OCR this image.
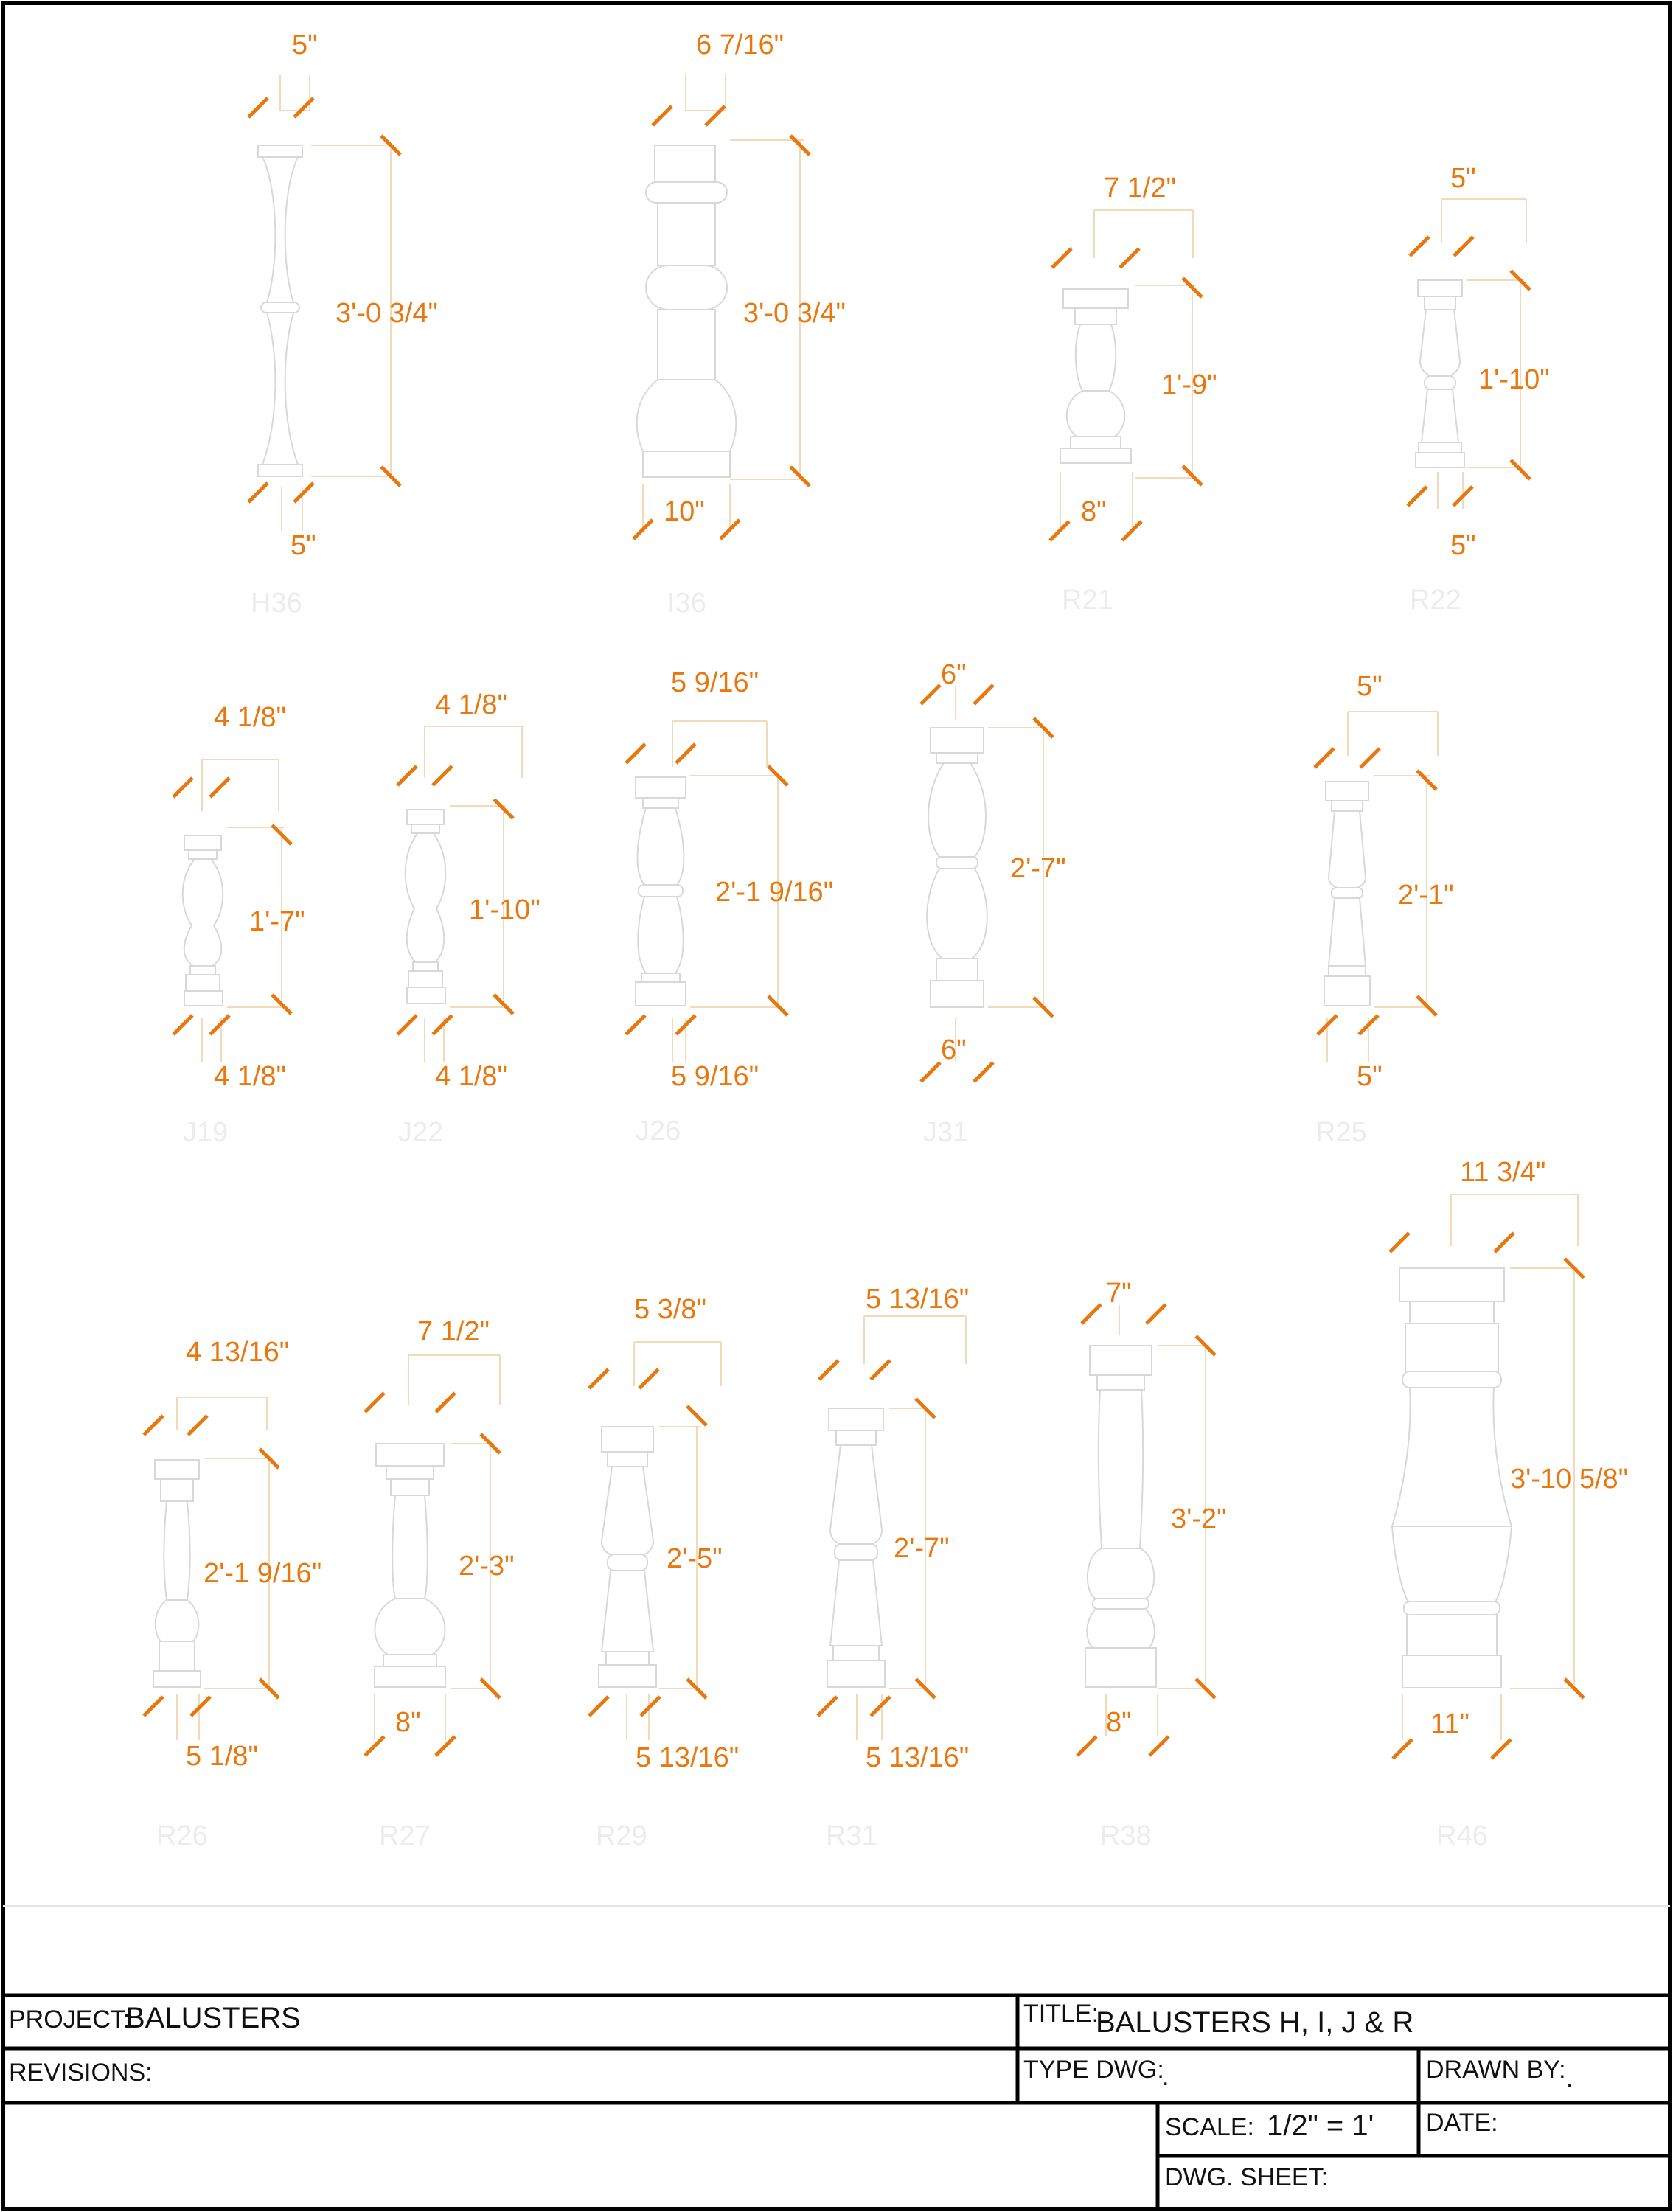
5"
3'-0 3/4"
5"
H36
6 7/16"
3'-0 3/4"
10"
I36
7 1/2"
1'-9"
8"
R21
5"
1'-10"
5"
R22
4 1/8"
1'-7"
4 1/8"
J19
4 1/8"
1'-10"
4 1/8"
J22
5 9/16"
2'-1 9/16"
5 9/16"
J26
6"
2'-7"
6"
J31
5"
2'-1"
5"
R25
4 13/16"
2'-1 9/16"
5 1/8"
R26
7 1/2"
2'-3"
8"
R27
5 3/8"
2'-5"
5 13/16"
R29
5 13/16"
2'-7"
5 13/16"
R31
7"
3'-2"
8"
R38
11 3/4"
3'-10 5/8"
11"
R46
PROJECT:
BALUSTERS	TITLE:
BALUSTERS H, I, J & R
REVISIONS:	TYPE DWG:
.	DRAWN BY: .
SCALE: 1/2" = 1' DATE:
DWG. SHEET:
